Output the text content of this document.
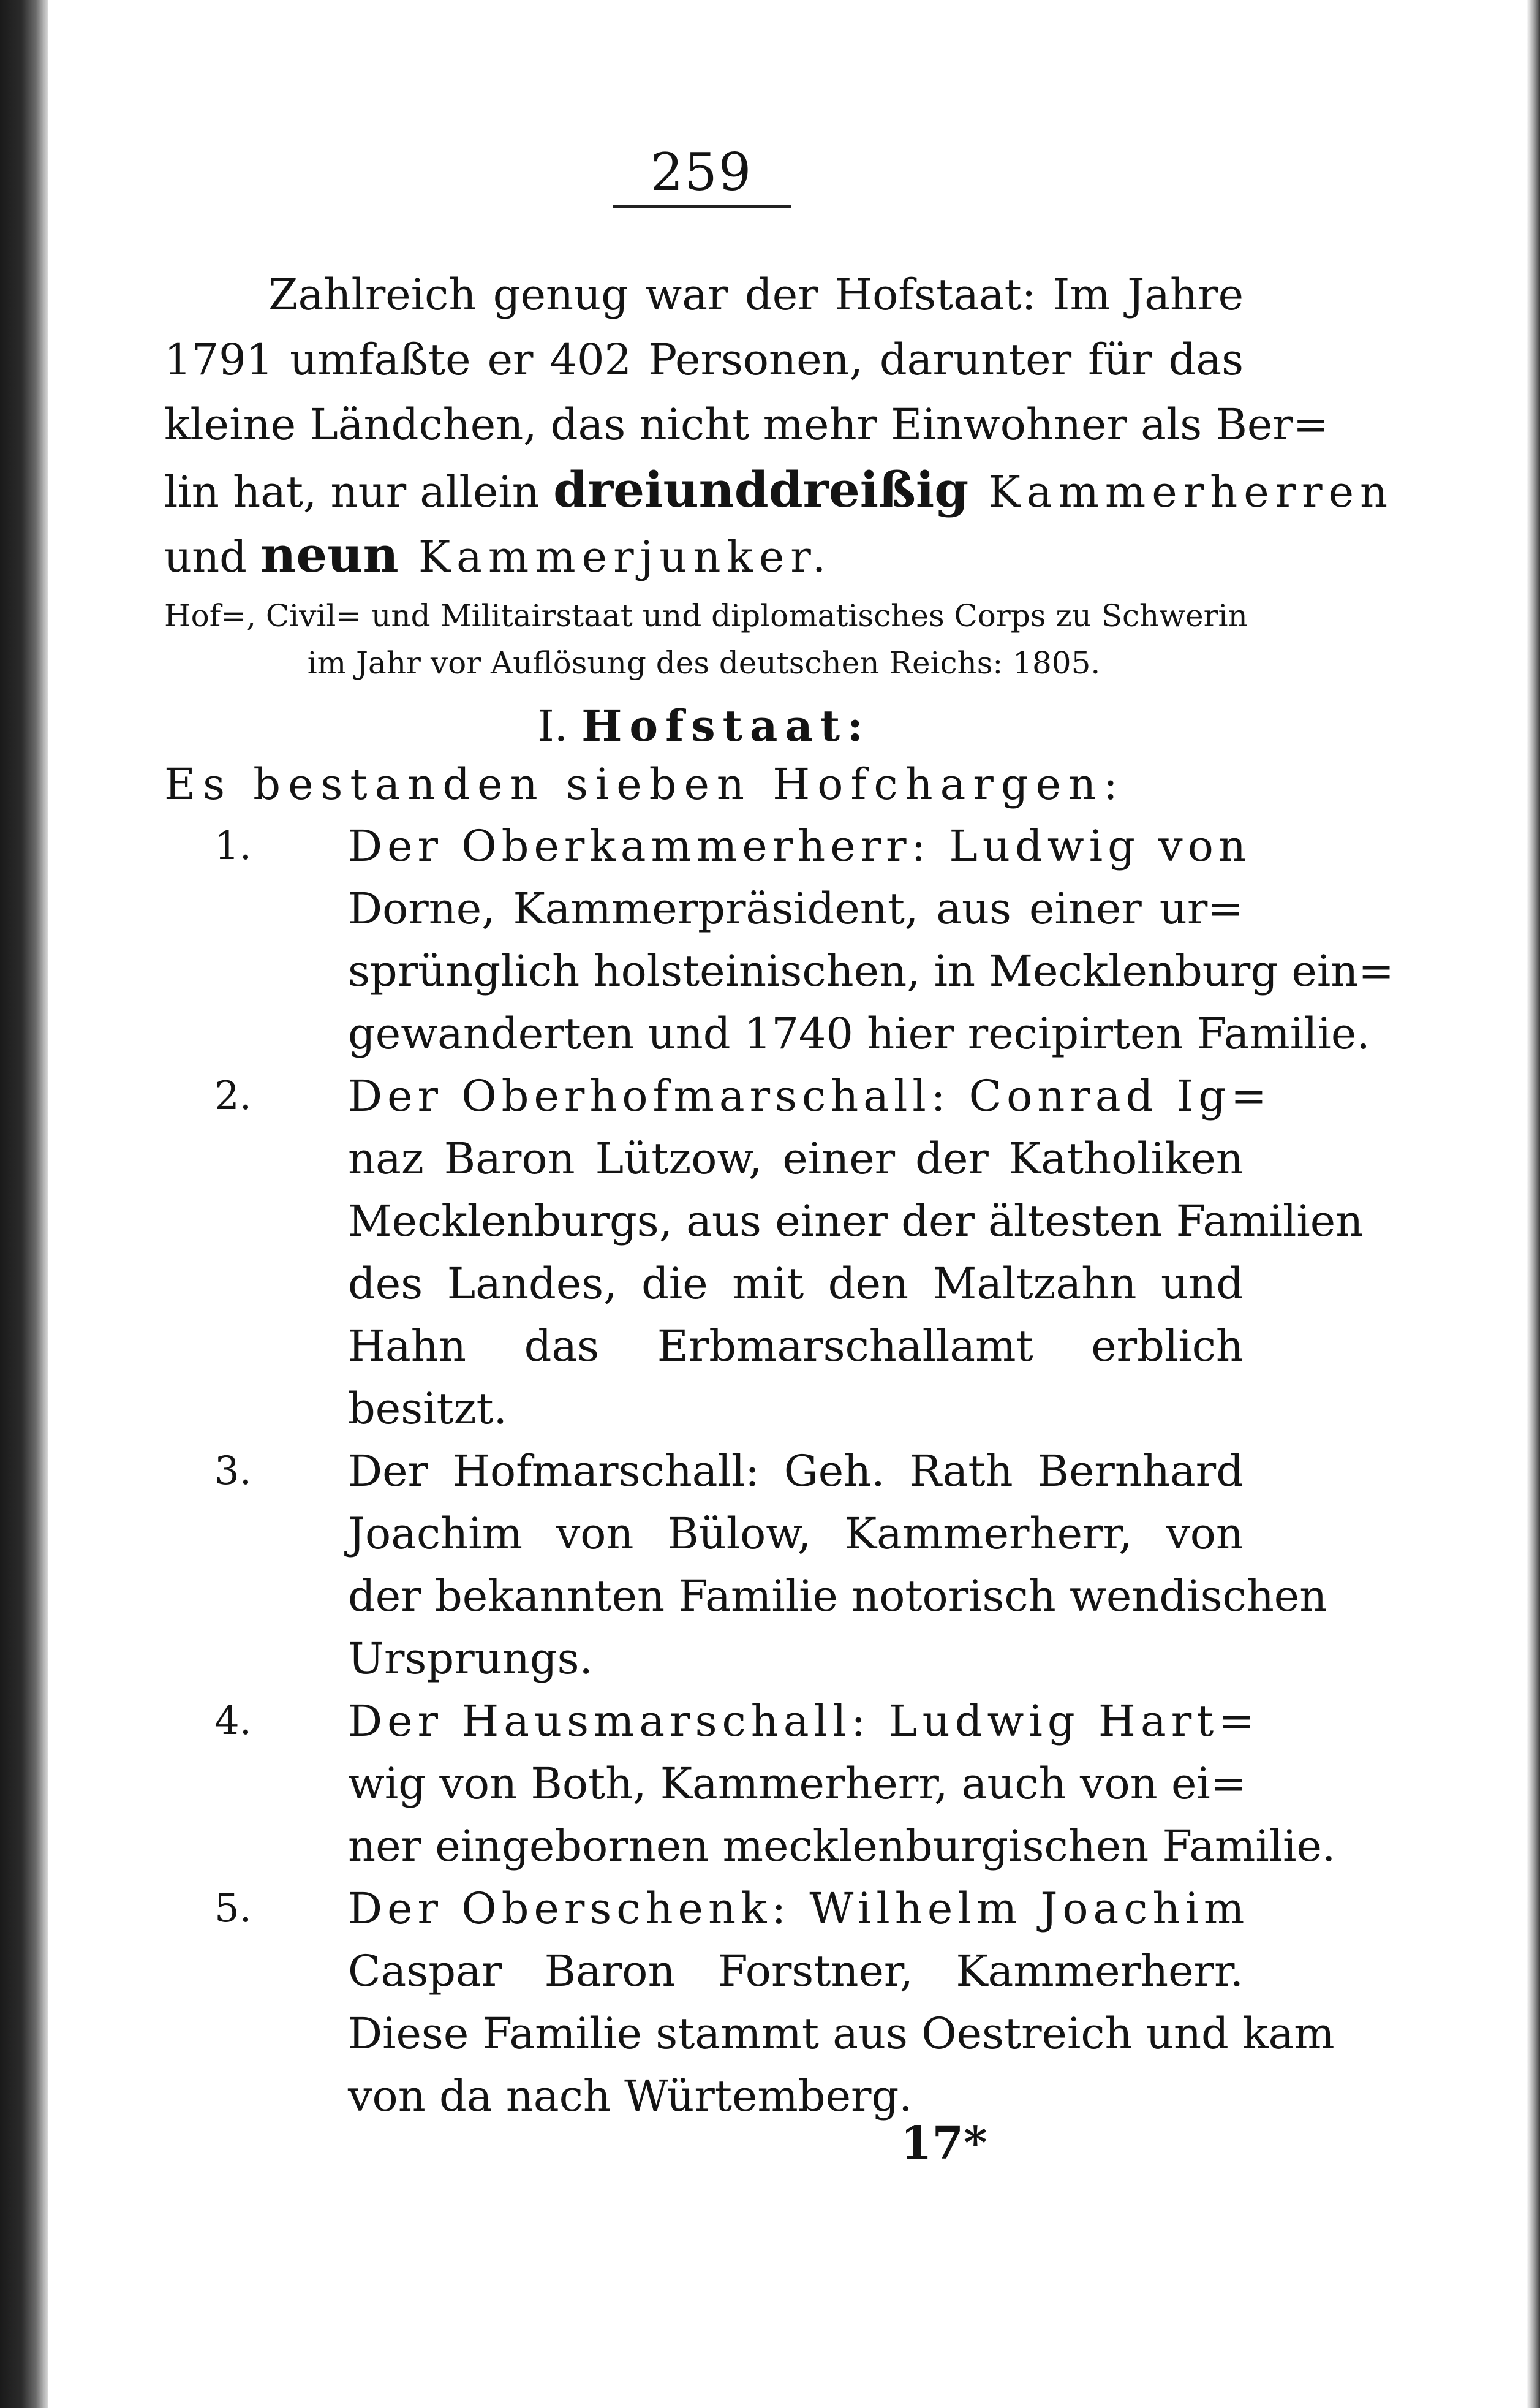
259
Zahlreich genug war der Hofstaat: Im Jahre
1791 umfaßte er 402 Personen, darunter für das
kleine Ländchen, das nicht mehr Einwohner als Ber=
lin hat, nur allein dreiunddreißig Kammerherren
und neun Kammerjunker.
Hof=, Civil= und Militairstaat und diplomatisches Corps zu Schwerin
im Jahr vor Auflösung des deutschen Reichs: 1805.
I. Hofstaat:
Es bestanden sieben Hofchargen:
1.	Der Oberkammerherr: Ludwig von
Dorne, Kammerpräsident, aus einer ur=
sprünglich holsteinischen, in Mecklenburg ein=
gewanderten und 1740 hier recipirten Familie.
2.	Der Oberhofmarschall: Conrad Ig=
naz Baron Lützow, einer der Katholiken
Mecklenburgs, aus einer der ältesten Familien
des Landes, die mit den Maltzahn und
Hahn das Erbmarschallamt erblich
besitzt.
3.	Der Hofmarschall: Geh. Rath Bernhard
Joachim von Bülow, Kammerherr, von
der bekannten Familie notorisch wendischen
Ursprungs.
4.	Der Hausmarschall: Ludwig Hart=
wig von Both, Kammerherr, auch von ei=
ner eingebornen mecklenburgischen Familie.
5.	Der Oberschenk: Wilhelm Joachim
Caspar Baron Forstner, Kammerherr.
Diese Familie stammt aus Oestreich und kam
von da nach Würtemberg.
17*
